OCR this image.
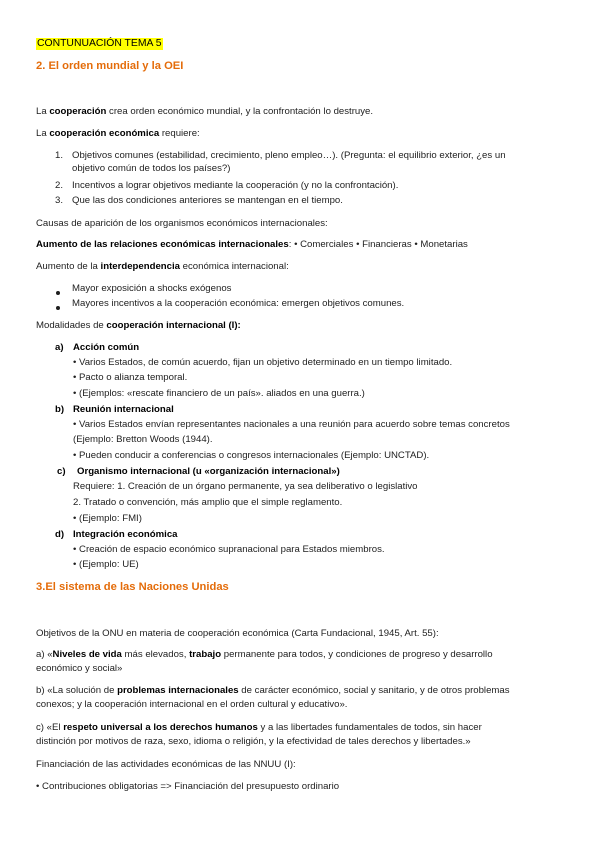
CONTUNUACIÓN TEMA 5
2. El orden mundial y la OEI
La cooperación crea orden económico mundial, y la confrontación lo destruye.
La cooperación económica requiere:
1. Objetivos comunes (estabilidad, crecimiento, pleno empleo…). (Pregunta: el equilibrio exterior, ¿es un
objetivo común de todos los países?)
2. Incentivos a lograr objetivos mediante la cooperación (y no la confrontación).
3. Que las dos condiciones anteriores se mantengan en el tiempo.
Causas de aparición de los organismos económicos internacionales:
Aumento de las relaciones económicas internacionales: • Comerciales • Financieras • Monetarias
Aumento de la interdependencia económica internacional:
Mayor exposición a shocks exógenos
Mayores incentivos a la cooperación económica: emergen objetivos comunes.
Modalidades de cooperación internacional (I):
a) Acción común
• Varios Estados, de común acuerdo, fijan un objetivo determinado en un tiempo limitado.
• Pacto o alianza temporal.
• (Ejemplos: «rescate financiero de un país». aliados en una guerra.)
b) Reunión internacional
• Varios Estados envían representantes nacionales a una reunión para acuerdo sobre temas concretos
(Ejemplo: Bretton Woods (1944).
• Pueden conducir a conferencias o congresos internacionales (Ejemplo: UNCTAD).
c) Organismo internacional (u «organización internacional»)
Requiere: 1. Creación de un órgano permanente, ya sea deliberativo o legislativo
2. Tratado o convención, más amplio que el simple reglamento.
• (Ejemplo: FMI)
d) Integración económica
• Creación de espacio económico supranacional para Estados miembros.
• (Ejemplo: UE)
3.El sistema de las Naciones Unidas
Objetivos de la ONU en materia de cooperación económica (Carta Fundacional, 1945, Art. 55):
a) «Niveles de vida más elevados, trabajo permanente para todos, y condiciones de progreso y desarrollo
económico y social»
b) «La solución de problemas internacionales de carácter económico, social y sanitario, y de otros problemas
conexos; y la cooperación internacional en el orden cultural y educativo».
c) «El respeto universal a los derechos humanos y a las libertades fundamentales de todos, sin hacer
distinción por motivos de raza, sexo, idioma o religión, y la efectividad de tales derechos y libertades.»
Financiación de las actividades económicas de las NNUU (I):
• Contribuciones obligatorias => Financiación del presupuesto ordinario
